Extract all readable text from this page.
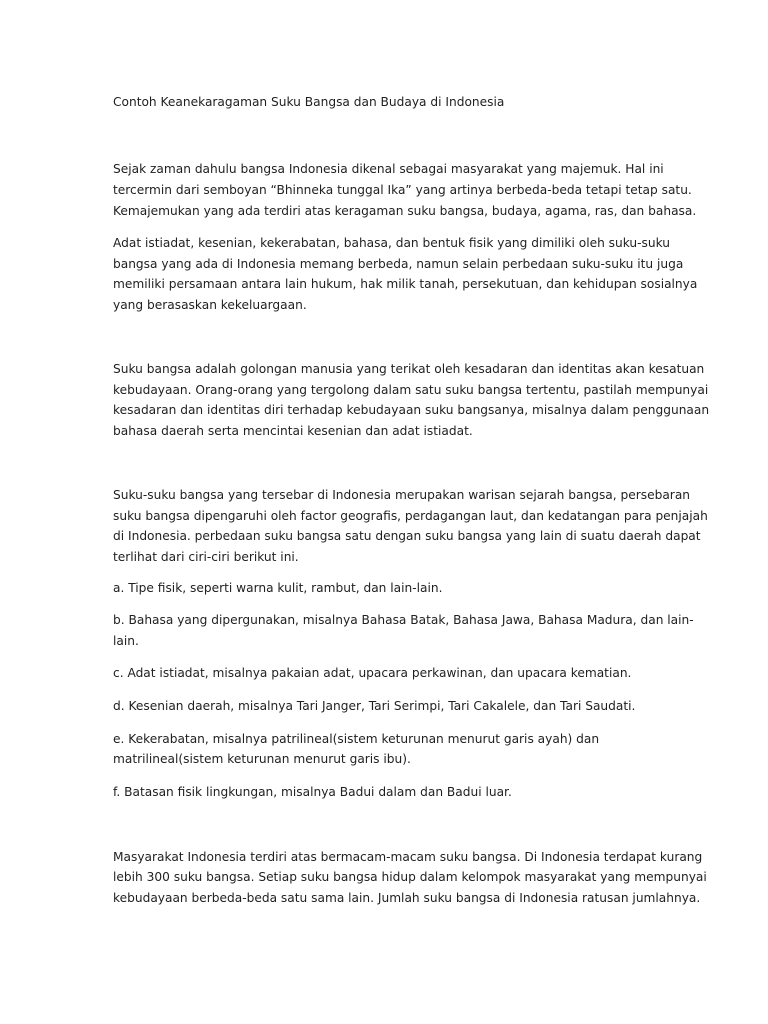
Contoh Keanekaragaman Suku Bangsa dan Budaya di Indonesia
Sejak zaman dahulu bangsa Indonesia dikenal sebagai masyarakat yang majemuk. Hal ini
tercermin dari semboyan “Bhinneka tunggal Ika” yang artinya berbeda-beda tetapi tetap satu.
Kemajemukan yang ada terdiri atas keragaman suku bangsa, budaya, agama, ras, dan bahasa.
Adat istiadat, kesenian, kekerabatan, bahasa, dan bentuk fisik yang dimiliki oleh suku-suku
bangsa yang ada di Indonesia memang berbeda, namun selain perbedaan suku-suku itu juga
memiliki persamaan antara lain hukum, hak milik tanah, persekutuan, dan kehidupan sosialnya
yang berasaskan kekeluargaan.
Suku bangsa adalah golongan manusia yang terikat oleh kesadaran dan identitas akan kesatuan
kebudayaan. Orang-orang yang tergolong dalam satu suku bangsa tertentu, pastilah mempunyai
kesadaran dan identitas diri terhadap kebudayaan suku bangsanya, misalnya dalam penggunaan
bahasa daerah serta mencintai kesenian dan adat istiadat.
Suku-suku bangsa yang tersebar di Indonesia merupakan warisan sejarah bangsa, persebaran
suku bangsa dipengaruhi oleh factor geografis, perdagangan laut, dan kedatangan para penjajah
di Indonesia. perbedaan suku bangsa satu dengan suku bangsa yang lain di suatu daerah dapat
terlihat dari ciri-ciri berikut ini.
a. Tipe fisik, seperti warna kulit, rambut, dan lain-lain.
b. Bahasa yang dipergunakan, misalnya Bahasa Batak, Bahasa Jawa, Bahasa Madura, dan lain-
lain.
c. Adat istiadat, misalnya pakaian adat, upacara perkawinan, dan upacara kematian.
d. Kesenian daerah, misalnya Tari Janger, Tari Serimpi, Tari Cakalele, dan Tari Saudati.
e. Kekerabatan, misalnya patrilineal(sistem keturunan menurut garis ayah) dan
matrilineal(sistem keturunan menurut garis ibu).
f. Batasan fisik lingkungan, misalnya Badui dalam dan Badui luar.
Masyarakat Indonesia terdiri atas bermacam-macam suku bangsa. Di Indonesia terdapat kurang
lebih 300 suku bangsa. Setiap suku bangsa hidup dalam kelompok masyarakat yang mempunyai
kebudayaan berbeda-beda satu sama lain. Jumlah suku bangsa di Indonesia ratusan jumlahnya.
